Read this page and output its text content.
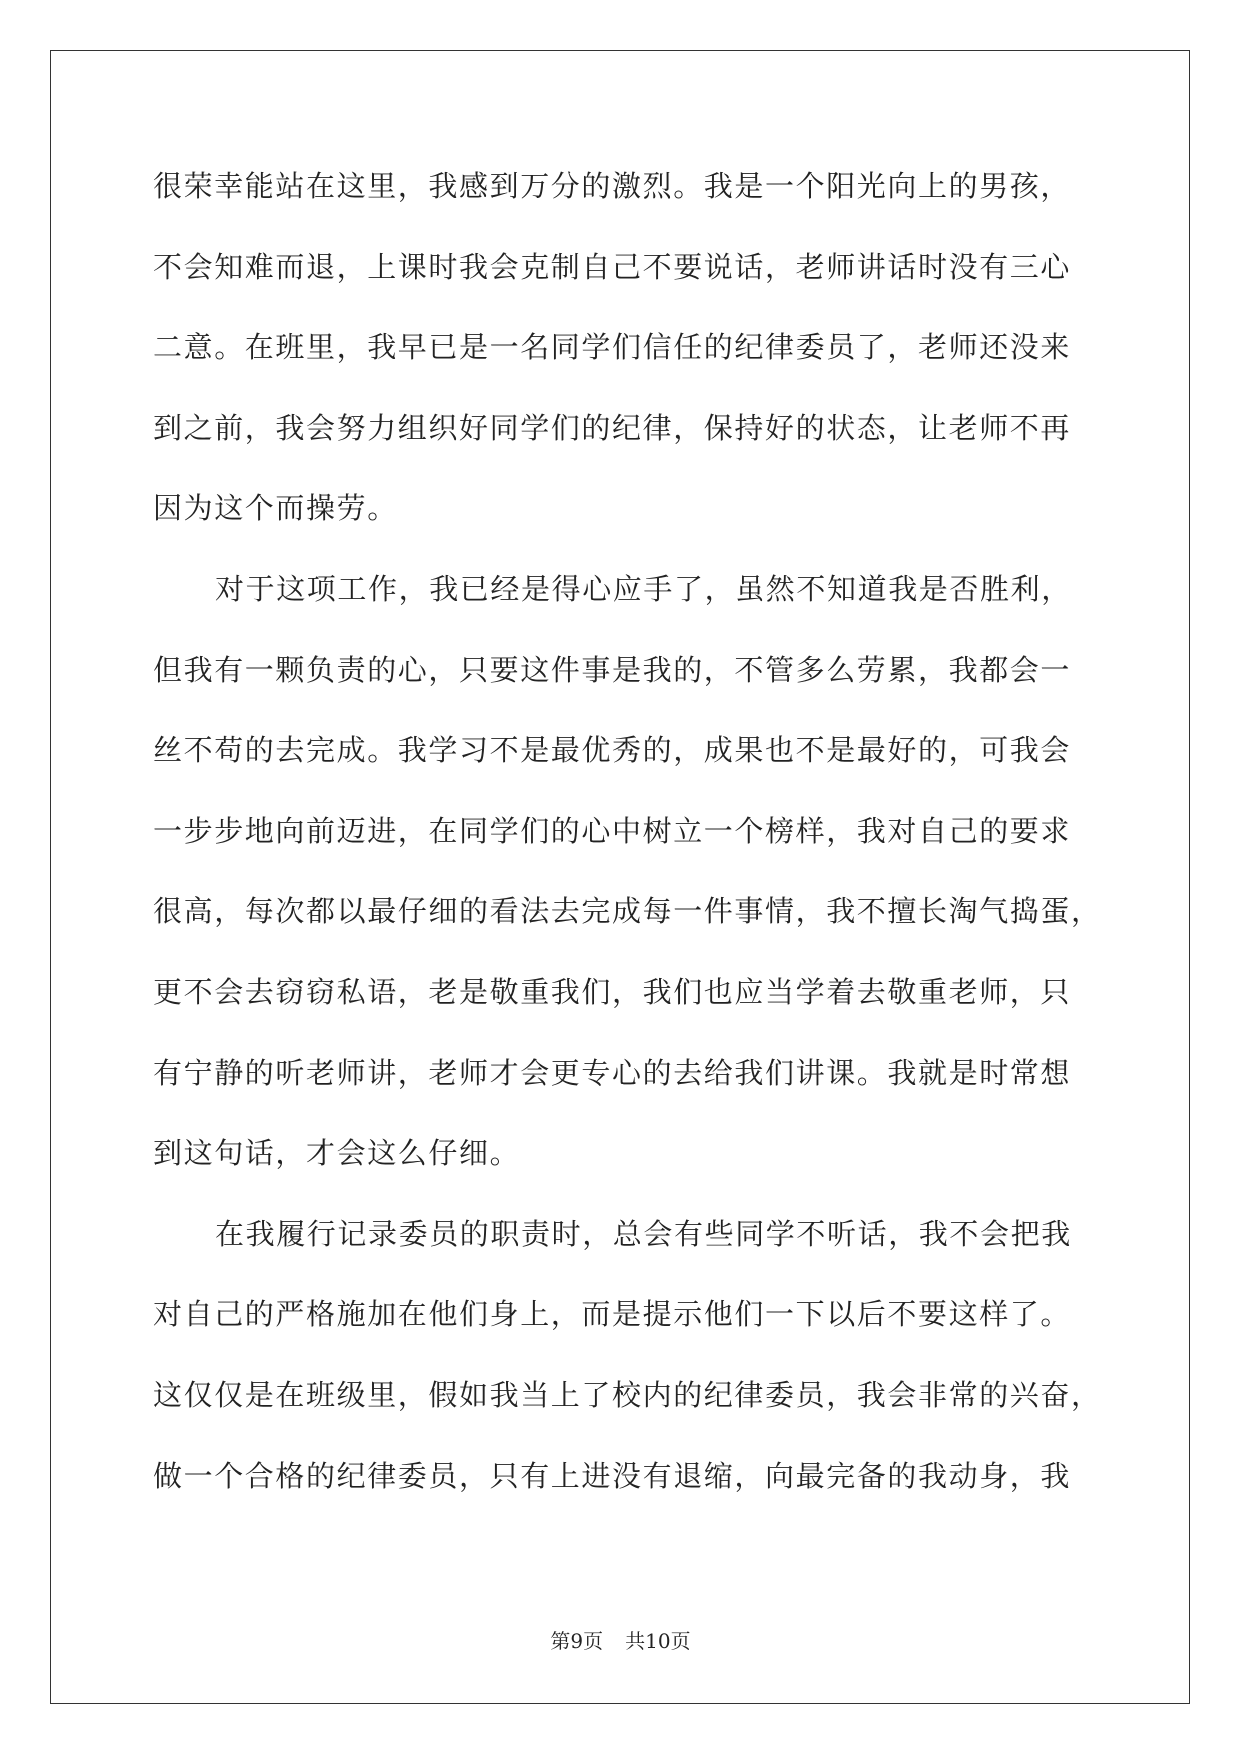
很荣幸能站在这里，我感到万分的激烈。我是一个阳光向上的男孩，
不会知难而退，上课时我会克制自己不要说话，老师讲话时没有三心
二意。在班里，我早已是一名同学们信任的纪律委员了，老师还没来
到之前，我会努力组织好同学们的纪律，保持好的状态，让老师不再
因为这个而操劳。
对于这项工作，我已经是得心应手了，虽然不知道我是否胜利，
但我有一颗负责的心，只要这件事是我的，不管多么劳累，我都会一
丝不苟的去完成。我学习不是最优秀的，成果也不是最好的，可我会
一步步地向前迈进，在同学们的心中树立一个榜样，我对自己的要求
很高，每次都以最仔细的看法去完成每一件事情，我不擅长淘气捣蛋，
更不会去窃窃私语，老是敬重我们，我们也应当学着去敬重老师，只
有宁静的听老师讲，老师才会更专心的去给我们讲课。我就是时常想
到这句话，才会这么仔细。
在我履行记录委员的职责时，总会有些同学不听话，我不会把我
对自己的严格施加在他们身上，而是提示他们一下以后不要这样了。
这仅仅是在班级里，假如我当上了校内的纪律委员，我会非常的兴奋，
做一个合格的纪律委员，只有上进没有退缩，向最完备的我动身，我
第9页 共10页
